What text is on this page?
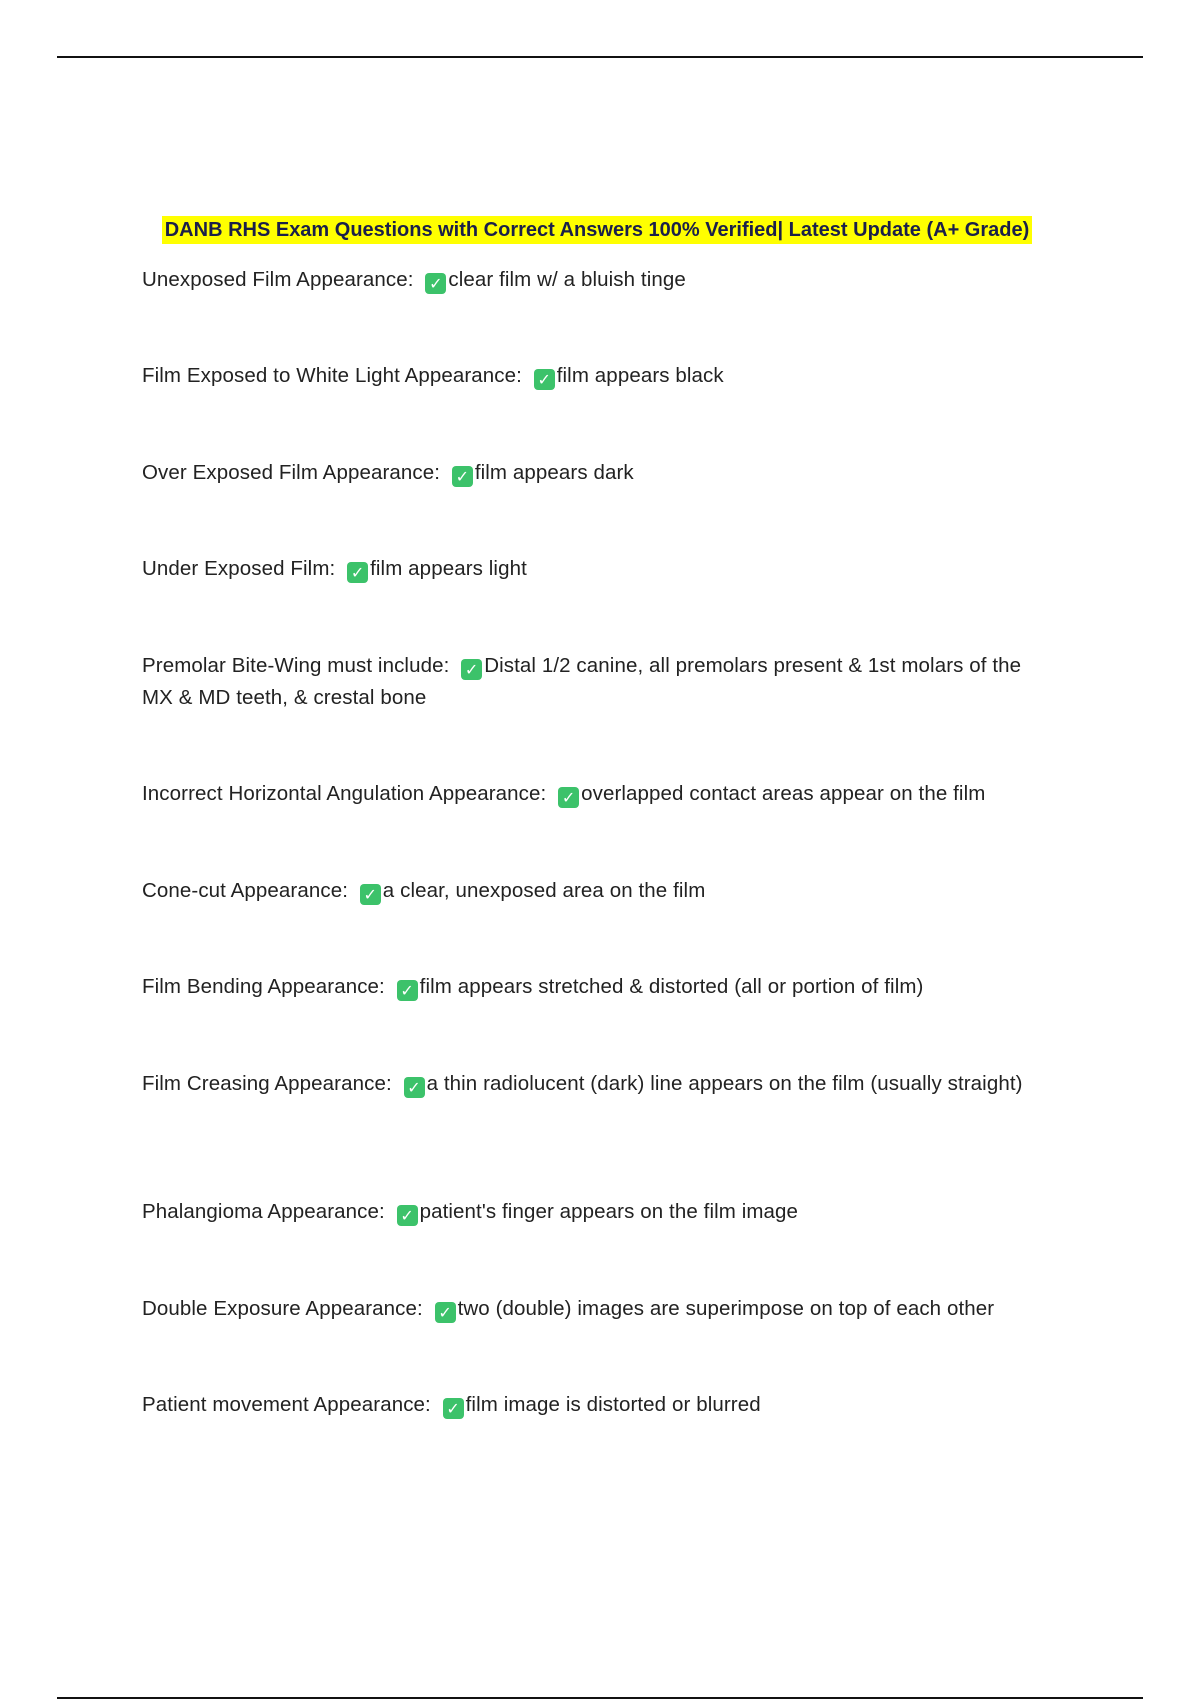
DANB RHS Exam Questions with Correct Answers 100% Verified| Latest Update (A+ Grade)
Unexposed Film Appearance: ✓ clear film w/ a bluish tinge
Film Exposed to White Light Appearance: ✓ film appears black
Over Exposed Film Appearance: ✓ film appears dark
Under Exposed Film: ✓ film appears light
Premolar Bite-Wing must include: ✓ Distal 1/2 canine, all premolars present & 1st molars of the MX & MD teeth, & crestal bone
Incorrect Horizontal Angulation Appearance: ✓ overlapped contact areas appear on the film
Cone-cut Appearance: ✓ a clear, unexposed area on the film
Film Bending Appearance: ✓ film appears stretched & distorted (all or portion of film)
Film Creasing Appearance: ✓ a thin radiolucent (dark) line appears on the film (usually straight)
Phalangioma Appearance: ✓ patient's finger appears on the film image
Double Exposure Appearance: ✓ two (double) images are superimpose on top of each other
Patient movement Appearance: ✓ film image is distorted or blurred
